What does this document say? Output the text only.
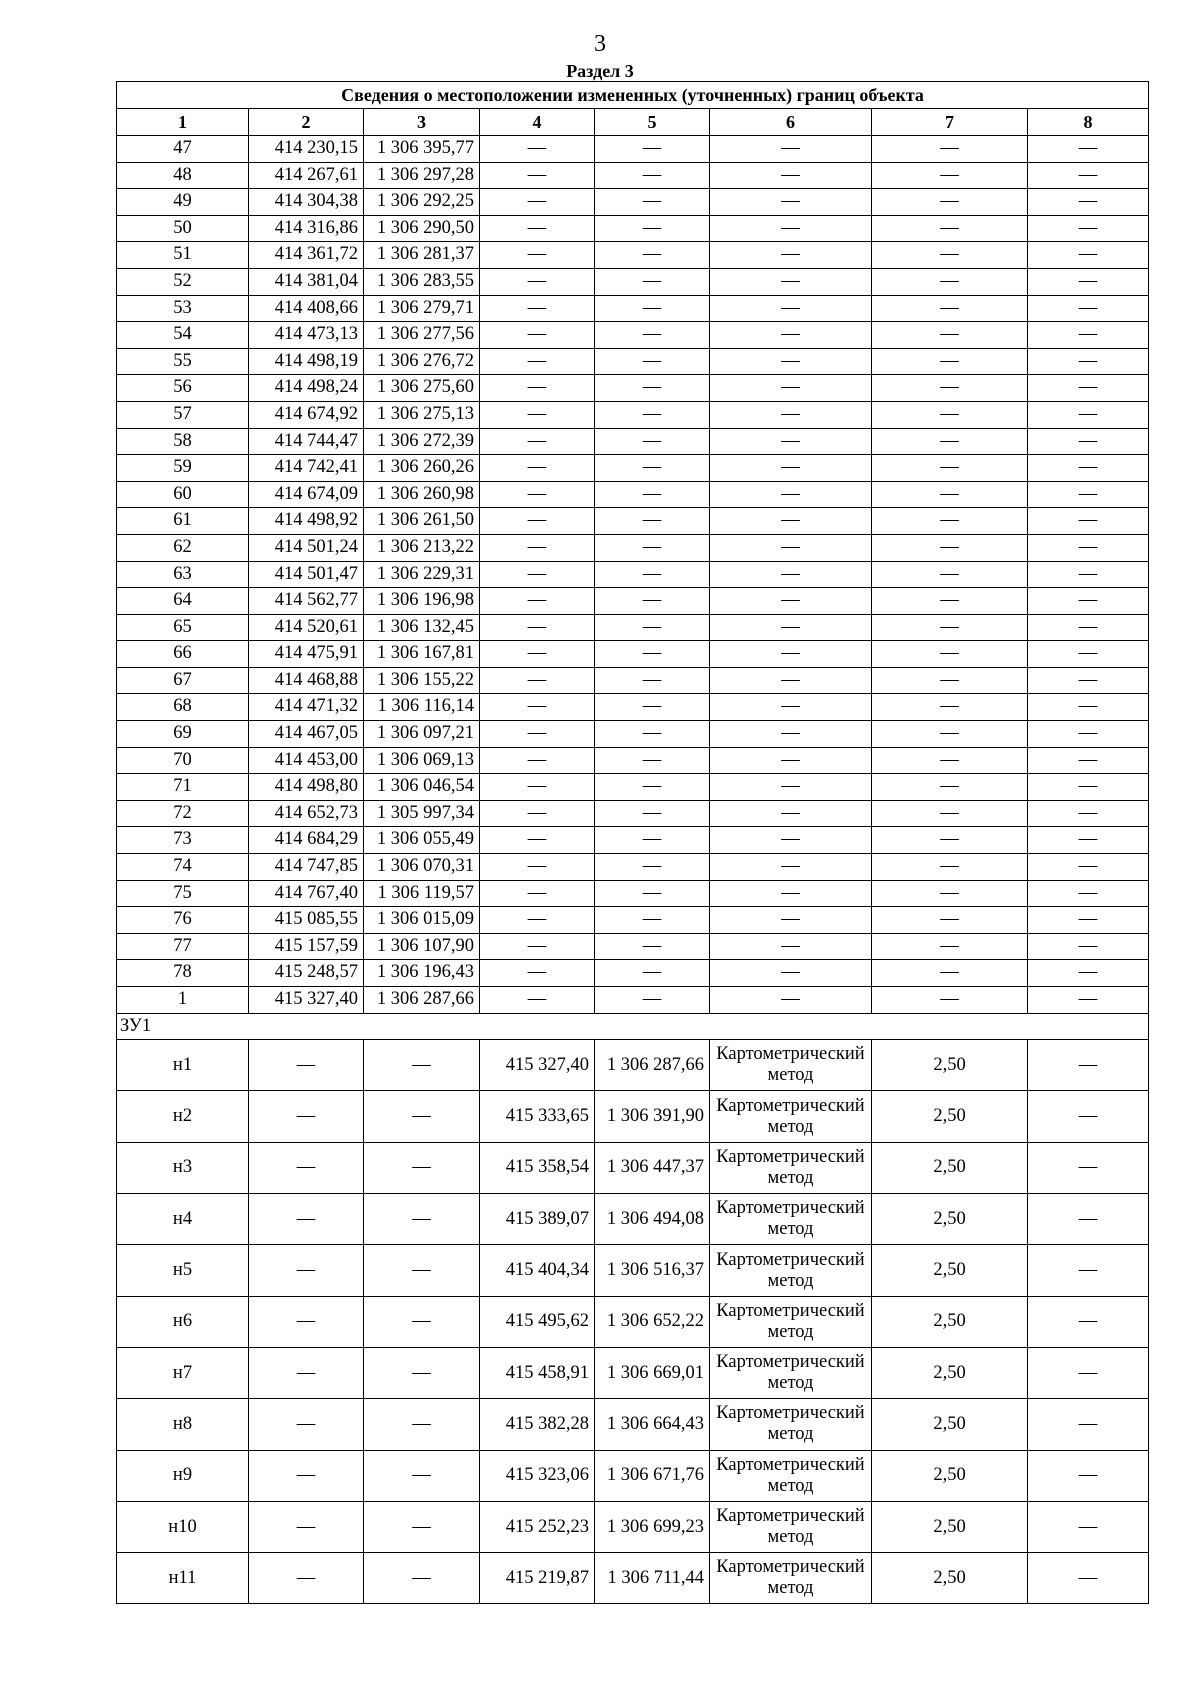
3
Раздел 3
Сведения о местоположении измененных (уточненных) границ объекта							
1	2	3	4	5	6	7	8
47	414 230,15	1 306 395,77	—	—	—	—	—
48	414 267,61	1 306 297,28	—	—	—	—	—
49	414 304,38	1 306 292,25	—	—	—	—	—
50	414 316,86	1 306 290,50	—	—	—	—	—
51	414 361,72	1 306 281,37	—	—	—	—	—
52	414 381,04	1 306 283,55	—	—	—	—	—
53	414 408,66	1 306 279,71	—	—	—	—	—
54	414 473,13	1 306 277,56	—	—	—	—	—
55	414 498,19	1 306 276,72	—	—	—	—	—
56	414 498,24	1 306 275,60	—	—	—	—	—
57	414 674,92	1 306 275,13	—	—	—	—	—
58	414 744,47	1 306 272,39	—	—	—	—	—
59	414 742,41	1 306 260,26	—	—	—	—	—
60	414 674,09	1 306 260,98	—	—	—	—	—
61	414 498,92	1 306 261,50	—	—	—	—	—
62	414 501,24	1 306 213,22	—	—	—	—	—
63	414 501,47	1 306 229,31	—	—	—	—	—
64	414 562,77	1 306 196,98	—	—	—	—	—
65	414 520,61	1 306 132,45	—	—	—	—	—
66	414 475,91	1 306 167,81	—	—	—	—	—
67	414 468,88	1 306 155,22	—	—	—	—	—
68	414 471,32	1 306 116,14	—	—	—	—	—
69	414 467,05	1 306 097,21	—	—	—	—	—
70	414 453,00	1 306 069,13	—	—	—	—	—
71	414 498,80	1 306 046,54	—	—	—	—	—
72	414 652,73	1 305 997,34	—	—	—	—	—
73	414 684,29	1 306 055,49	—	—	—	—	—
74	414 747,85	1 306 070,31	—	—	—	—	—
75	414 767,40	1 306 119,57	—	—	—	—	—
76	415 085,55	1 306 015,09	—	—	—	—	—
77	415 157,59	1 306 107,90	—	—	—	—	—
78	415 248,57	1 306 196,43	—	—	—	—	—
1	415 327,40	1 306 287,66	—	—	—	—	—
ЗУ1							
н1	—	—	415 327,40	1 306 287,66	Картометрический метод	2,50	—
н2	—	—	415 333,65	1 306 391,90	Картометрический метод	2,50	—
н3	—	—	415 358,54	1 306 447,37	Картометрический метод	2,50	—
н4	—	—	415 389,07	1 306 494,08	Картометрический метод	2,50	—
н5	—	—	415 404,34	1 306 516,37	Картометрический метод	2,50	—
н6	—	—	415 495,62	1 306 652,22	Картометрический метод	2,50	—
н7	—	—	415 458,91	1 306 669,01	Картометрический метод	2,50	—
н8	—	—	415 382,28	1 306 664,43	Картометрический метод	2,50	—
н9	—	—	415 323,06	1 306 671,76	Картометрический метод	2,50	—
н10	—	—	415 252,23	1 306 699,23	Картометрический метод	2,50	—
н11	—	—	415 219,87	1 306 711,44	Картометрический метод	2,50	—
